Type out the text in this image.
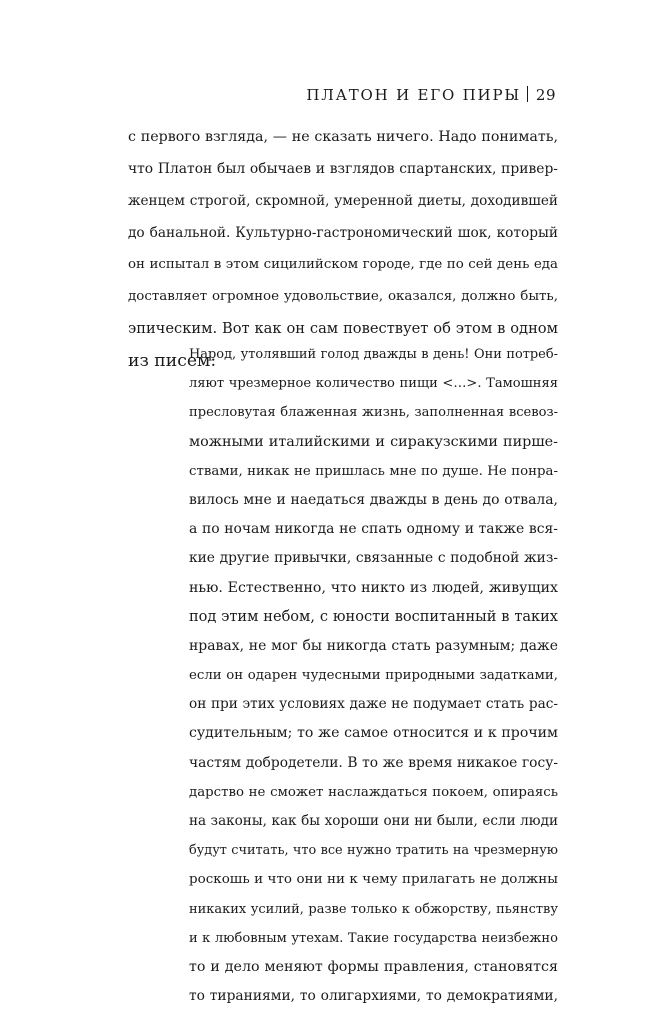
ПЛАТОН И ЕГО ПИРЫ 29
с первого взгляда, — не сказать ничего. Надо понимать,
что Платон был обычаев и взглядов спартанских, привер-
женцем строгой, скромной, умеренной диеты, доходившей
до банальной. Культурно-гастрономический шок, который
он испытал в этом сицилийском городе, где по сей день еда
доставляет огромное удовольствие, оказался, должно быть,
эпическим. Вот как он сам повествует об этом в одном
из писем:
Народ, утолявший голод дважды в день! Они потреб-
ляют чрезмерное количество пищи <…>. Тамошняя
пресловутая блаженная жизнь, заполненная всевоз-
можными италийскими и сиракузскими пирше-
ствами, никак не пришлась мне по душе. Не понра-
вилось мне и наедаться дважды в день до отвала,
а по ночам никогда не спать одному и также вся-
кие другие привычки, связанные с подобной жиз-
нью. Естественно, что никто из людей, живущих
под этим небом, с юности воспитанный в таких
нравах, не мог бы никогда стать разумным; даже
если он одарен чудесными природными задатками,
он при этих условиях даже не подумает стать рас-
судительным; то же самое относится и к прочим
частям добродетели. В то же время никакое госу-
дарство не сможет наслаждаться покоем, опираясь
на законы, как бы хороши они ни были, если люди
будут считать, что все нужно тратить на чрезмерную
роскошь и что они ни к чему прилагать не должны
никаких усилий, разве только к обжорству, пьянству
и к любовным утехам. Такие государства неизбежно
то и дело меняют формы правления, становятся
то тираниями, то олигархиями, то демократиями,
